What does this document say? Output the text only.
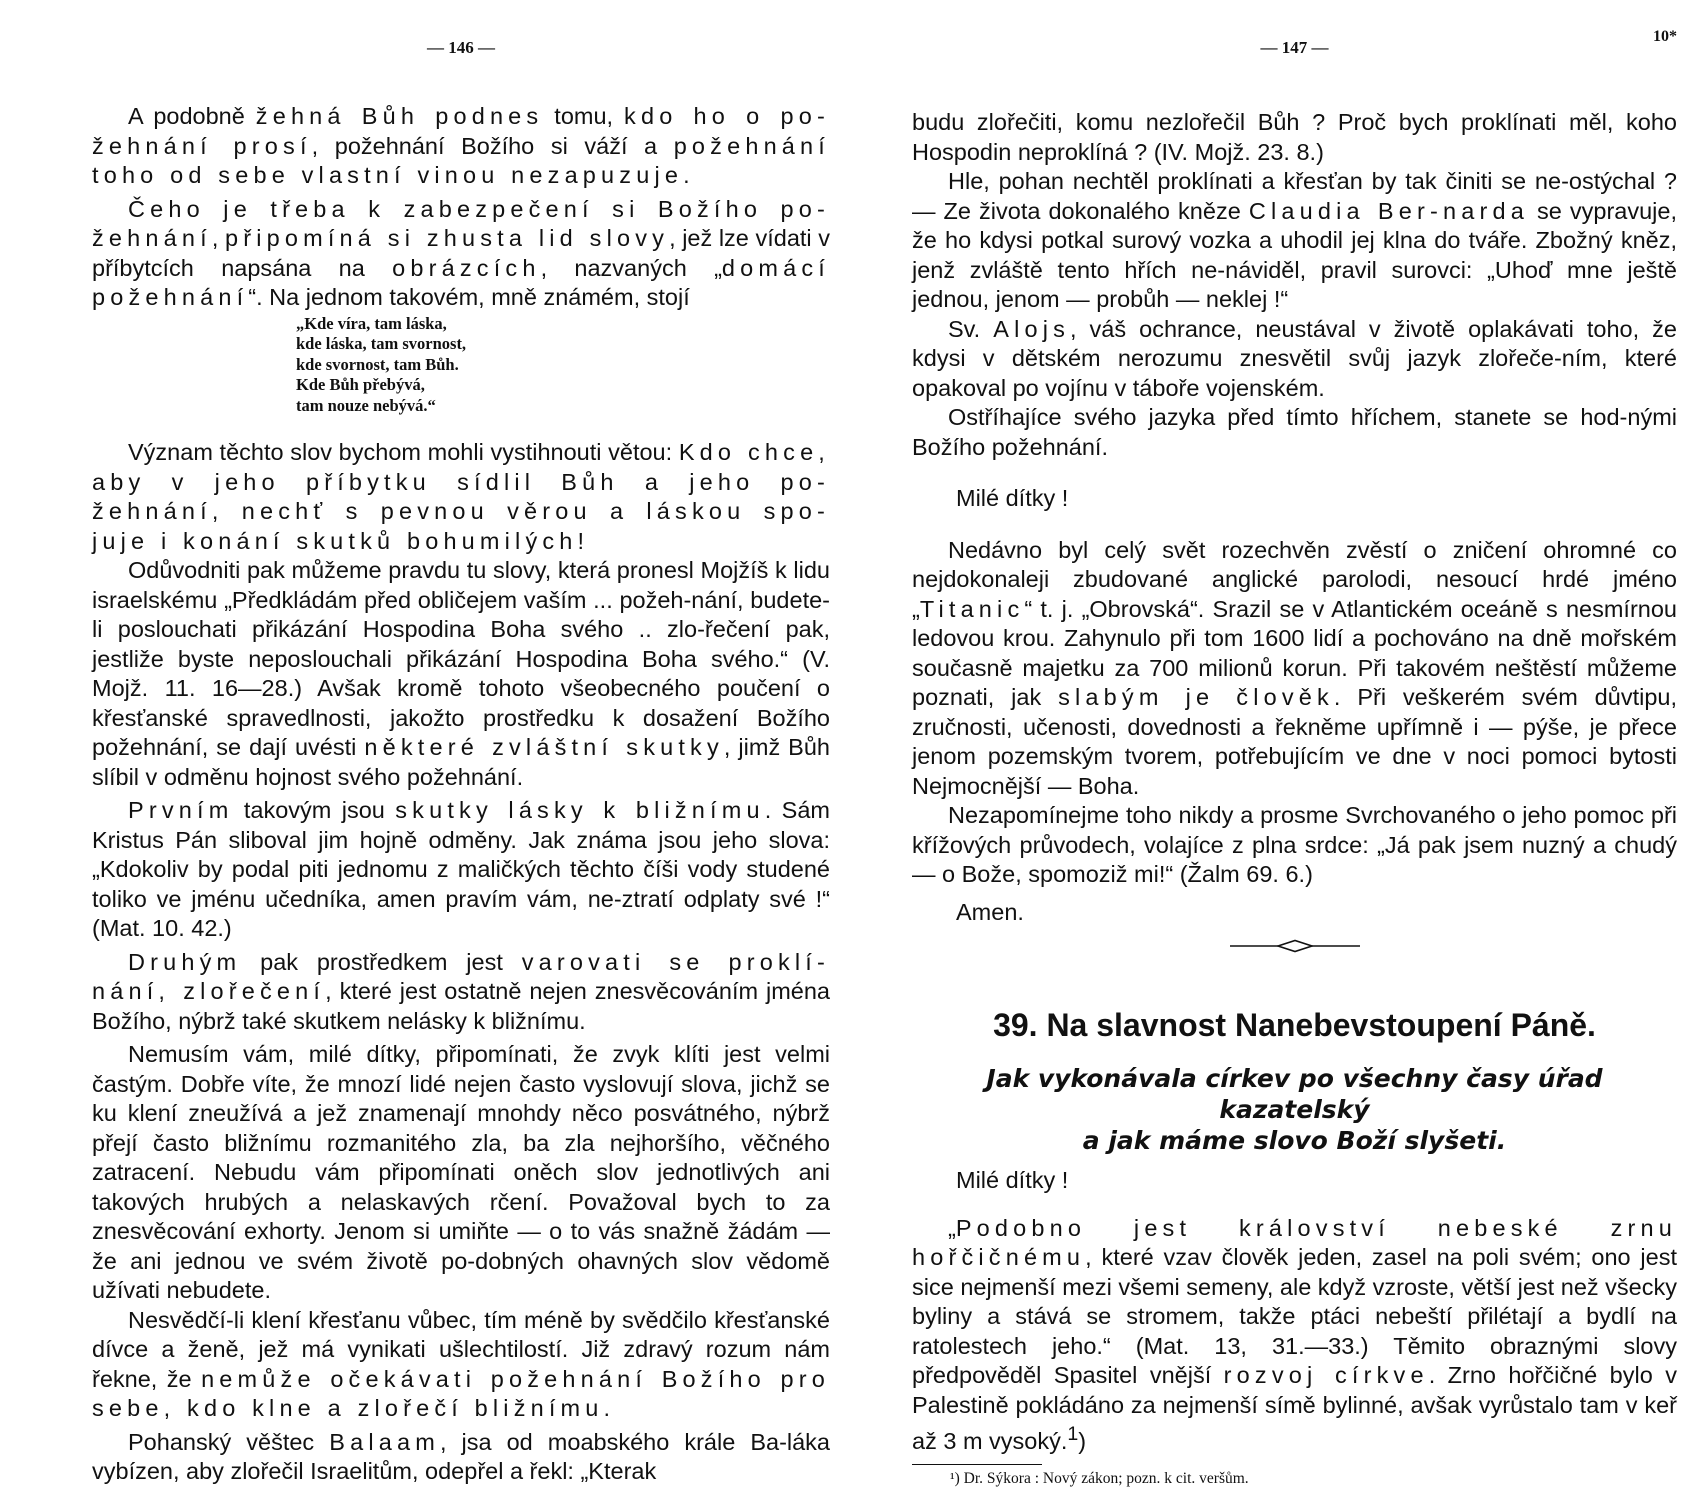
— 146 —

A podobně žehná Bůh podnes tomu, kdo ho o po-žehnání prosí, požehnání Božího si váží a požehnání toho od sebe vlastní vinou nezapuzuje.

Čeho je třeba k zabezpečení si Božího po-žehnání, připomíná si zhusta lid slovy, jež lze vídati v příbytcích napsána na obrázcích, nazvaných „domácí požehnání“. Na jednom takovém, mně známém, stojí

„Kde víra, tam láska,
kde láska, tam svornost,
kde svornost, tam Bůh.
Kde Bůh přebývá,
tam nouze nebývá.“

Význam těchto slov bychom mohli vystihnouti větou: Kdo chce, aby v jeho příbytku sídlil Bůh a jeho po-žehnání, nechť s pevnou věrou a láskou spo-juje i konání skutků bohumilých!

Odůvodniti pak můžeme pravdu tu slovy, která pronesl Mojžíš k lidu israelskému „Předkládám před obličejem vaším ... požeh-nání, budete-li poslouchati přikázání Hospodina Boha svého .. zlo-řečení pak, jestliže byste neposlouchali přikázání Hospodina Boha svého.“ (V. Mojž. 11. 16—28.) Avšak kromě tohoto všeobecného poučení o křesťanské spravedlnosti, jakožto prostředku k dosažení Božího požehnání, se dají uvésti některé zvláštní skutky, jimž Bůh slíbil v odměnu hojnost svého požehnání.

Prvním takovým jsou skutky lásky k bližnímu. Sám Kristus Pán sliboval jim hojně odměny. Jak známa jsou jeho slova: „Kdokoliv by podal piti jednomu z maličkých těchto číši vody studené toliko ve jménu učedníka, amen pravím vám, ne-ztratí odplaty své !“ (Mat. 10. 42.)

Druhým pak prostředkem jest varovati se proklí-nání, zlořečení, které jest ostatně nejen znesvěcováním jména Božího, nýbrž také skutkem nelásky k bližnímu.

Nemusím vám, milé dítky, připomínati, že zvyk klíti jest velmi častým. Dobře víte, že mnozí lidé nejen často vyslovují slova, jichž se ku klení zneužívá a jež znamenají mnohdy něco posvátného, nýbrž přejí často bližnímu rozmanitého zla, ba zla nejhoršího, věčného zatracení. Nebudu vám připomínati oněch slov jednotlivých ani takových hrubých a nelaskavých rčení. Považoval bych to za znesvěcování exhorty. Jenom si umiňte — o to vás snažně žádám — že ani jednou ve svém životě po-dobných ohavných slov vědomě užívati nebudete.

Nesvědčí-li klení křesťanu vůbec, tím méně by svědčilo křesťanské dívce a ženě, jež má vynikati ušlechtilostí. Již zdravý rozum nám řekne, že nemůže očekávati požehnání Božího pro sebe, kdo klne a zlořečí bližnímu.

Pohanský věštec Balaam, jsa od moabského krále Ba-láka vybízen, aby zlořečil Israelitům, odepřel a řekl: „Kterak

— 147 —

budu zlořečiti, komu nezlořečil Bůh ? Proč bych proklínati měl, koho Hospodin neproklíná ? (IV. Mojž. 23. 8.)

Hle, pohan nechtěl proklínati a křesťan by tak činiti se ne-ostýchal ? — Ze života dokonalého kněze Claudia Ber-narda se vypravuje, že ho kdysi potkal surový vozka a uhodil jej klna do tváře. Zbožný kněz, jenž zvláště tento hřích ne-náviděl, pravil surovci: „Uhoď mne ještě jednou, jenom — probůh — neklej !“

Sv. Alojs, váš ochrance, neustával v životě oplakávati toho, že kdysi v dětském nerozumu znesvětil svůj jazyk zlořeče-ním, které opakoval po vojínu v táboře vojenském.

Ostříhajíce svého jazyka před tímto hříchem, stanete se hod-nými Božího požehnání.

Milé dítky !

Nedávno byl celý svět rozechvěn zvěstí o zničení ohromné co nejdokonaleji zbudované anglické parolodi, nesoucí hrdé jméno „Titanic“ t. j. „Obrovská“. Srazil se v Atlantickém oceáně s nesmírnou ledovou krou. Zahynulo při tom 1600 lidí a pochováno na dně mořském současně majetku za 700 milionů korun. Při takovém neštěstí můžeme poznati, jak slabým je člověk. Při veškerém svém důvtipu, zručnosti, učenosti, dovednosti a řekněme upřímně i — pýše, je přece jenom pozemským tvorem, potřebujícím ve dne v noci pomoci bytosti Nejmocnější — Boha.

Nezapomínejme toho nikdy a prosme Svrchovaného o jeho pomoc při křížových průvodech, volajíce z plna srdce: „Já pak jsem nuzný a chudý — o Bože, spomoziž mi!“ (Žalm 69. 6.)

Amen.
39. Na slavnost Nanebevstoupení Páně.
Jak vykonávala církev po všechny časy úřad kazatelský
a jak máme slovo Boží slyšeti.
Milé dítky !

„Podobno jest království nebeské zrnu hořčičnému, které vzav člověk jeden, zasel na poli svém; ono jest sice nejmenší mezi všemi semeny, ale když vzroste, větší jest než všecky byliny a stává se stromem, takže ptáci nebeští přilétají a bydlí na ratolestech jeho.“ (Mat. 13, 31.—33.) Těmito obraznými slovy předpověděl Spasitel vnější rozvoj církve. Zrno hořčičné bylo v Palestině pokládáno za nejmenší símě bylinné, avšak vyrůstalo tam v keř až 3 m vysoký.$^1$)

¹) Dr. Sýkora : Nový zákon; pozn. k cit. veršům.
10*
